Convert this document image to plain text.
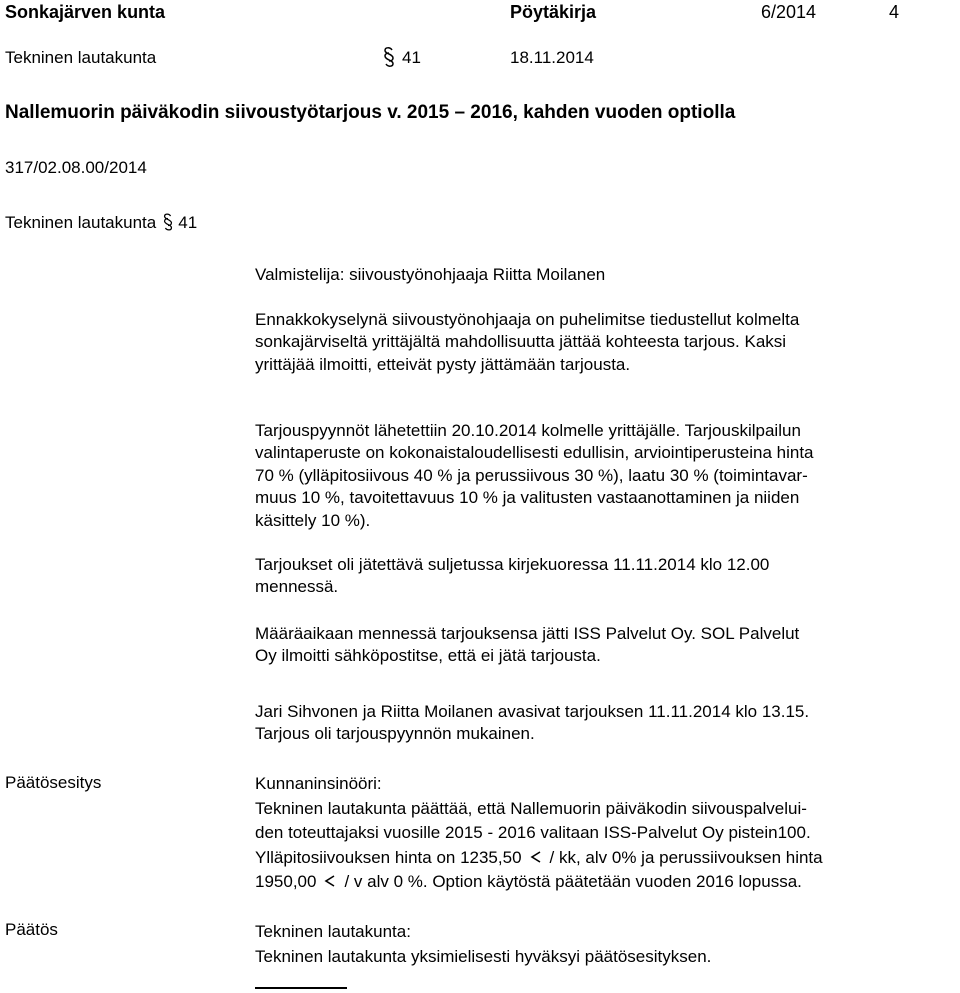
Sonkajärven kunta	Pöytäkirja	6/2014	4
Tekninen lautakunta	41	18.11.2014
Nallemuorin päiväkodin siivoustyötarjous v. 2015 – 2016, kahden vuoden optiolla
317/02.08.00/2014
Tekninen lautakunta 41
Valmistelija: siivoustyönohjaaja Riitta Moilanen

Ennakkokyselynä siivoustyönohjaaja on puhelimitse tiedustellut kolmelta

sonkajärviseltä yrittäjältä mahdollisuutta jättää kohteesta tarjous. Kaksi

yrittäjää ilmoitti, etteivät pysty jättämään tarjousta.

Tarjouspyynnöt lähetettiin 20.10.2014 kolmelle yrittäjälle. Tarjouskilpailun

valintaperuste on kokonaistaloudellisesti edullisin, arviointiperusteina hinta

70 % (ylläpitosiivous 40 % ja perussiivous 30 %), laatu 30 % (toimintavar-

muus 10 %, tavoitettavuus 10 % ja valitusten vastaanottaminen ja niiden

käsittely 10 %).

Tarjoukset oli jätettävä suljetussa kirjekuoressa 11.11.2014 klo 12.00

mennessä.

Määräaikaan mennessä tarjouksensa jätti ISS Palvelut Oy. SOL Palvelut

Oy ilmoitti sähköpostitse, että ei jätä tarjousta.

Jari Sihvonen ja Riitta Moilanen avasivat tarjouksen 11.11.2014 klo 13.15.

Tarjous oli tarjouspyynnön mukainen.

Päätösesitys	Kunnaninsinööri:

Tekninen lautakunta päättää, että Nallemuorin päiväkodin siivouspalvelui-

den toteuttajaksi vuosille 2015 - 2016 valitaan ISS-Palvelut Oy pistein100.

Ylläpitosiivouksen hinta on 1235,50 / kk, alv 0% ja perussiivouksen hinta

1950,00 / v alv 0 %. Option käytöstä päätetään vuoden 2016 lopussa.

Päätös	Tekninen lautakunta:

Tekninen lautakunta yksimielisesti hyväksyi päätösesityksen.
